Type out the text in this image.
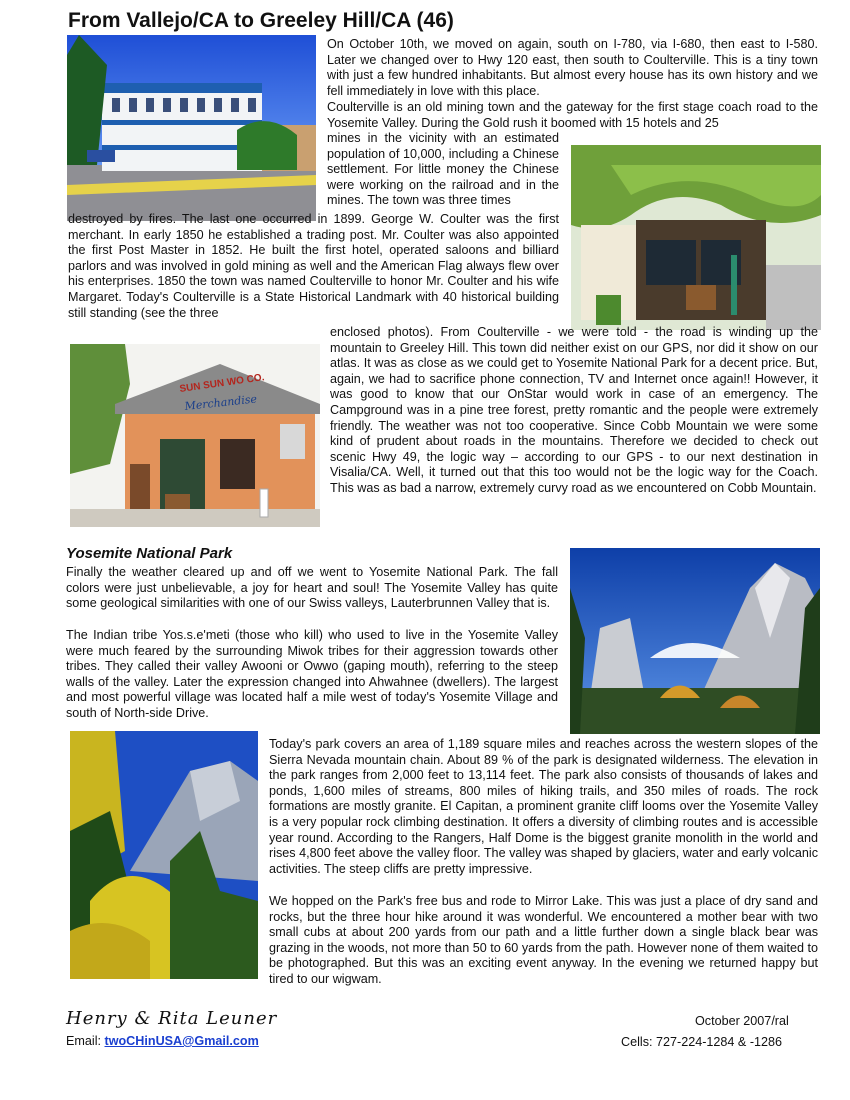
From Vallejo/CA to Greeley Hill/CA (46)
On October 10th, we moved on again, south on I-780, via I-680, then east to I-580. Later we changed over to Hwy 120 east, then south to Coulterville. This is a tiny town with just a few hundred inhabitants. But almost every house has its own history and we fell immediately in love with this place.
Coulterville is an old mining town and the gateway for the first stage coach road to the Yosemite Valley. During the Gold rush it boomed with 15 hotels and 25
mines in the vicinity with an estimated population of 10,000, including a Chinese settlement. For little money the Chinese were working on the railroad and in the mines. The town was three times
destroyed by fires. The last one occurred in 1899. George W. Coulter was the first merchant. In early 1850 he established a trading post. Mr. Coulter was also appointed the first Post Master in 1852. He built the first hotel, operated saloons and billiard parlors and was involved in gold mining as well and the American Flag always flew over his enterprises. 1850 the town was named Coulterville to honor Mr. Coulter and his wife Margaret. Today's Coulterville is a State Historical Landmark with 40 historical building still standing (see the three
SUN SUN WO CO.
Merchandise
enclosed photos). From Coulterville - we were told - the road is winding up the mountain to Greeley Hill. This town did neither exist on our GPS, nor did it show on our atlas. It was as close as we could get to Yosemite National Park for a decent price. But, again, we had to sacrifice phone connection, TV and Internet once again!! However, it was good to know that our OnStar would work in case of an emergency. The Campground was in a pine tree forest, pretty romantic and the people were extremely friendly. The weather was not too cooperative. Since Cobb Mountain we were some kind of prudent about roads in the mountains. Therefore we decided to check out scenic Hwy 49, the logic way – according to our GPS - to our next destination in Visalia/CA. Well, it turned out that this too would not be the logic way for the Coach. This was as bad a narrow, extremely curvy road as we encountered on Cobb Mountain.
Yosemite National Park
Finally the weather cleared up and off we went to Yosemite National Park. The fall colors were just unbelievable, a joy for heart and soul! The Yosemite Valley has quite some geological similarities with one of our Swiss valleys, Lauterbrunnen Valley that is.
The Indian tribe Yos.s.e'meti (those who kill) who used to live in the Yosemite Valley were much feared by the surrounding Miwok tribes for their aggression towards other tribes. They called their valley Awooni or Owwo (gaping mouth), referring to the steep walls of the valley. Later the expression changed into Ahwahnee (dwellers). The largest and most powerful village was located half a mile west of today's Yosemite Village and south of North-side Drive.
Today's park covers an area of 1,189 square miles and reaches across the western slopes of the Sierra Nevada mountain chain. About 89 % of the park is designated wilderness. The elevation in the park ranges from 2,000 feet to 13,114 feet. The park also consists of thousands of lakes and ponds, 1,600 miles of streams, 800 miles of hiking trails, and 350 miles of roads. The rock formations are mostly granite. El Capitan, a prominent granite cliff looms over the Yosemite Valley is a very popular rock climbing destination. It offers a diversity of climbing routes and is accessible year round. According to the Rangers, Half Dome is the biggest granite monolith in the world and rises 4,800 feet above the valley floor. The valley was shaped by glaciers, water and early volcanic activities. The steep cliffs are pretty impressive.
We hopped on the Park's free bus and rode to Mirror Lake. This was just a place of dry sand and rocks, but the three hour hike around it was wonderful. We encountered a mother bear with two small cubs at about 200 yards from our path and a little further down a single black bear was grazing in the woods, not more than 50 to 60 yards from the path. However none of them waited to be photographed. But this was an exciting event anyway. In the evening we returned happy but tired to our wigwam.
Henry & Rita Leuner
Email: twoCHinUSA@Gmail.com
October 2007/ral
Cells: 727-224-1284 & -1286
